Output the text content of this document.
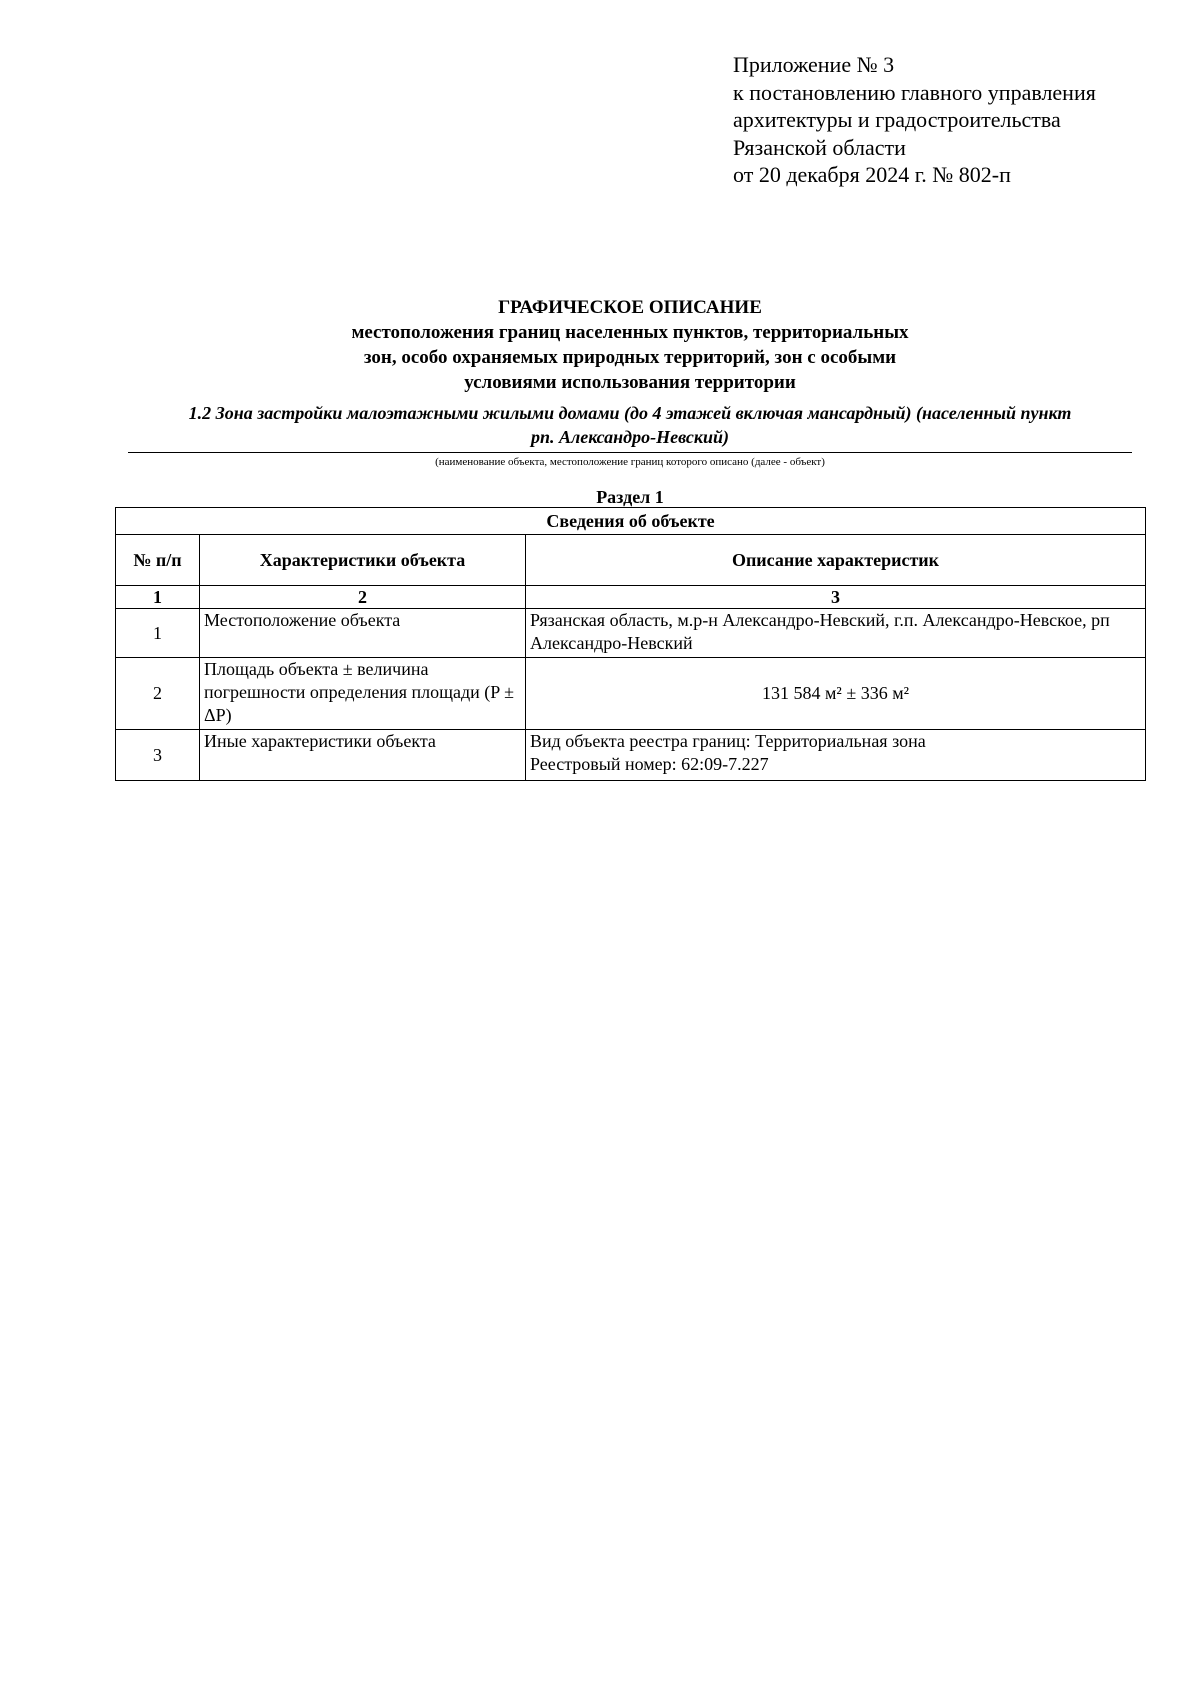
Приложение № 3
к постановлению главного управления
архитектуры и градостроительства
Рязанской области
от 20 декабря 2024 г. № 802-п
ГРАФИЧЕСКОЕ ОПИСАНИЕ
местоположения границ населенных пунктов, территориальных
зон, особо охраняемых природных территорий, зон с особыми
условиями использования территории
1.2 Зона застройки малоэтажными жилыми домами (до 4 этажей включая мансардный) (населенный пункт
рп. Александро-Невский)
(наименование объекта, местоположение границ которого описано (далее - объект)
Раздел 1
Сведения об объекте		
№ п/п	Характеристики объекта	Описание характеристик
1	2	3
1	Местоположение объекта	Рязанская область, м.р-н Александро-Невский, г.п. Александро-Невское, рп Александро-Невский
2	Площадь объекта ± величина погрешности определения площади (P ± ΔP)	131 584 м² ± 336 м²
3	Иные характеристики объекта	Вид объекта реестра границ: Территориальная зона
Реестровый номер: 62:09-7.227
